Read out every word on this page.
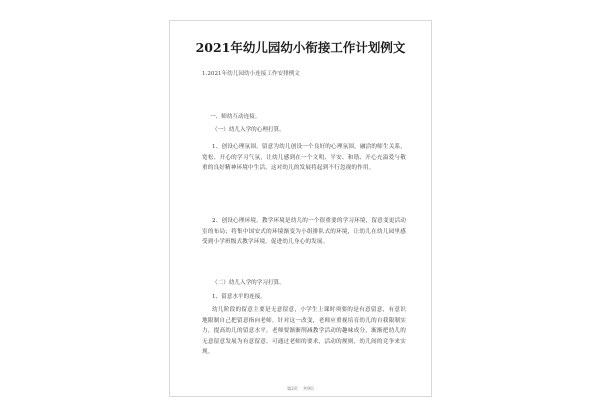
2021年幼儿园幼小衔接工作计划例文
1.2021年幼儿园幼小连接工作安排例文
一、师幼互动连接。
（一）幼儿入学的心理打算。
1、创设心理氛围。留意为幼儿创设一个良好的心理氛围，融洽的师生关系，宽松、开心的学习气氛，让幼儿感到在一个文明、平安、和谐、开心充溢爱与敬重的良好精神环境中生活，这对幼儿的发展将起到不行忽视的作用。
2、创设心理环境。教学环境是幼儿的一个很重要的学习环境，留意变更活动室的布局；将集中国安式的环境渐变为小组排队式的环境，让幼儿在幼儿园里感受到小学班级式教学环境，促进幼儿身心的发展。
（二）幼儿入学的学习打算。
1、留意水平的连接。
幼儿阶段的留意主要是无意留意，小学生上课时须要的是有意留意，有意识地限制自己把留意指向老师。针对这一改变，老师应重视培育幼儿的自我限制实力，提高幼儿的留意水平。老师要渐渐削减教学活动的趣味成分，渐渐把幼儿的无意留意发展为有意留意。可通过老师的要求，活动的规则，幼儿间的竞争来实现。
第2页 共9页
